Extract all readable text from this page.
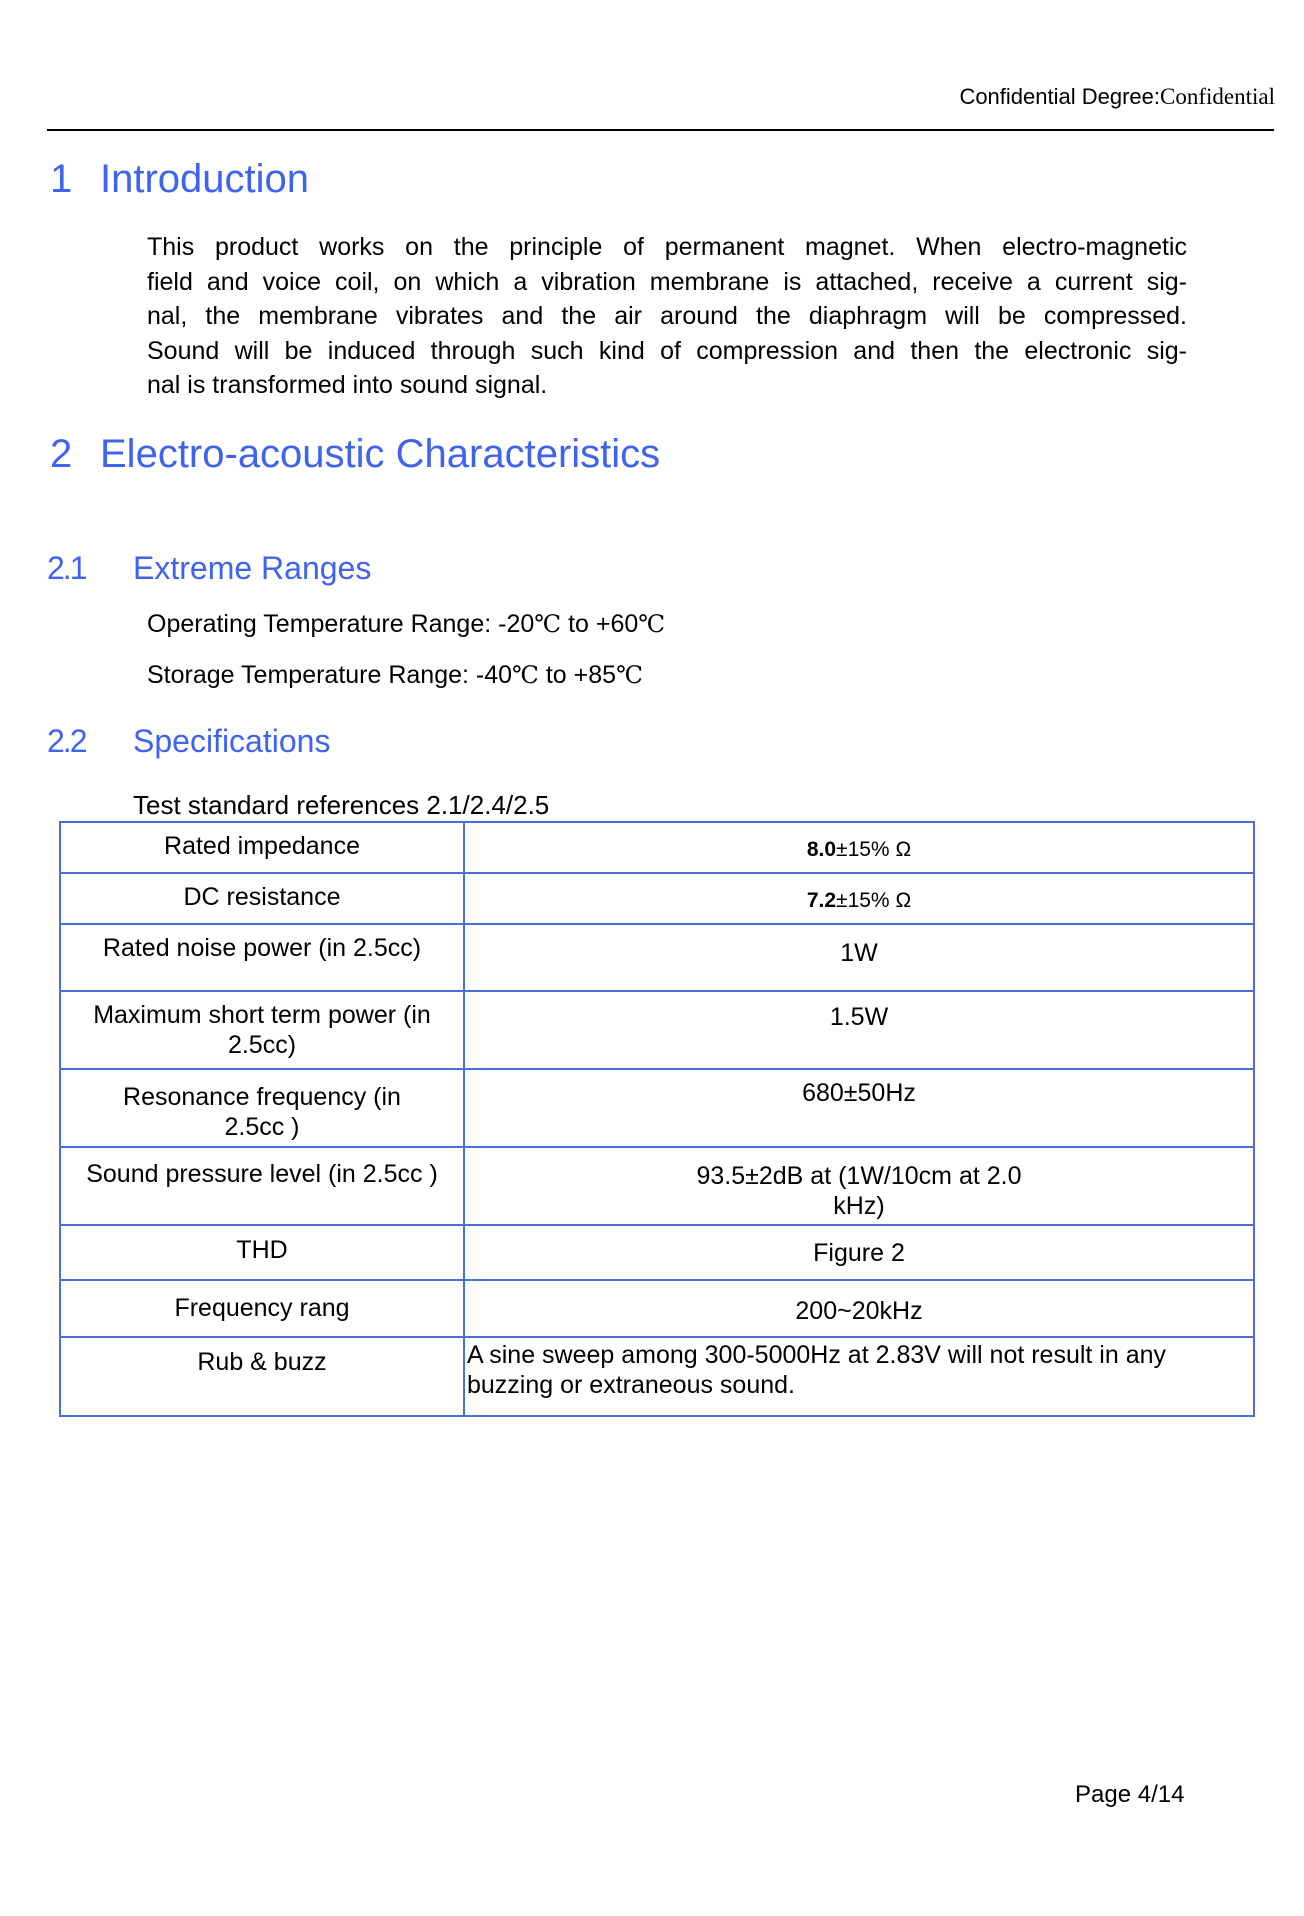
Confidential Degree:Confidential
1 Introduction
This product works on the principle of permanent magnet. When electro-magnetic
field and voice coil, on which a vibration membrane is attached, receive a current sig-
nal, the membrane vibrates and the air around the diaphragm will be compressed.
Sound will be induced through such kind of compression and then the electronic sig-
nal is transformed into sound signal.
2 Electro-acoustic Characteristics
2.1 Extreme Ranges
Operating Temperature Range: -20℃ to +60℃
Storage Temperature Range: -40℃ to +85℃
2.2 Specifications
Test standard references 2.1/2.4/2.5
Rated impedance	8.0±15% Ω
DC resistance	7.2±15% Ω
Rated noise power (in 2.5cc)	1W

Maximum short term power (in
2.5cc)	1.5W

Resonance frequency (in
2.5cc )	680±50Hz
Sound pressure level (in 2.5cc )	93.5±2dB at (1W/10cm at 2.0
kHz)

THD	Figure 2
Frequency rang	200~20kHz
Rub & buzz	A sine sweep among 300-5000Hz at 2.83V will not result in any
buzzing or extraneous sound.
Page 4/14
